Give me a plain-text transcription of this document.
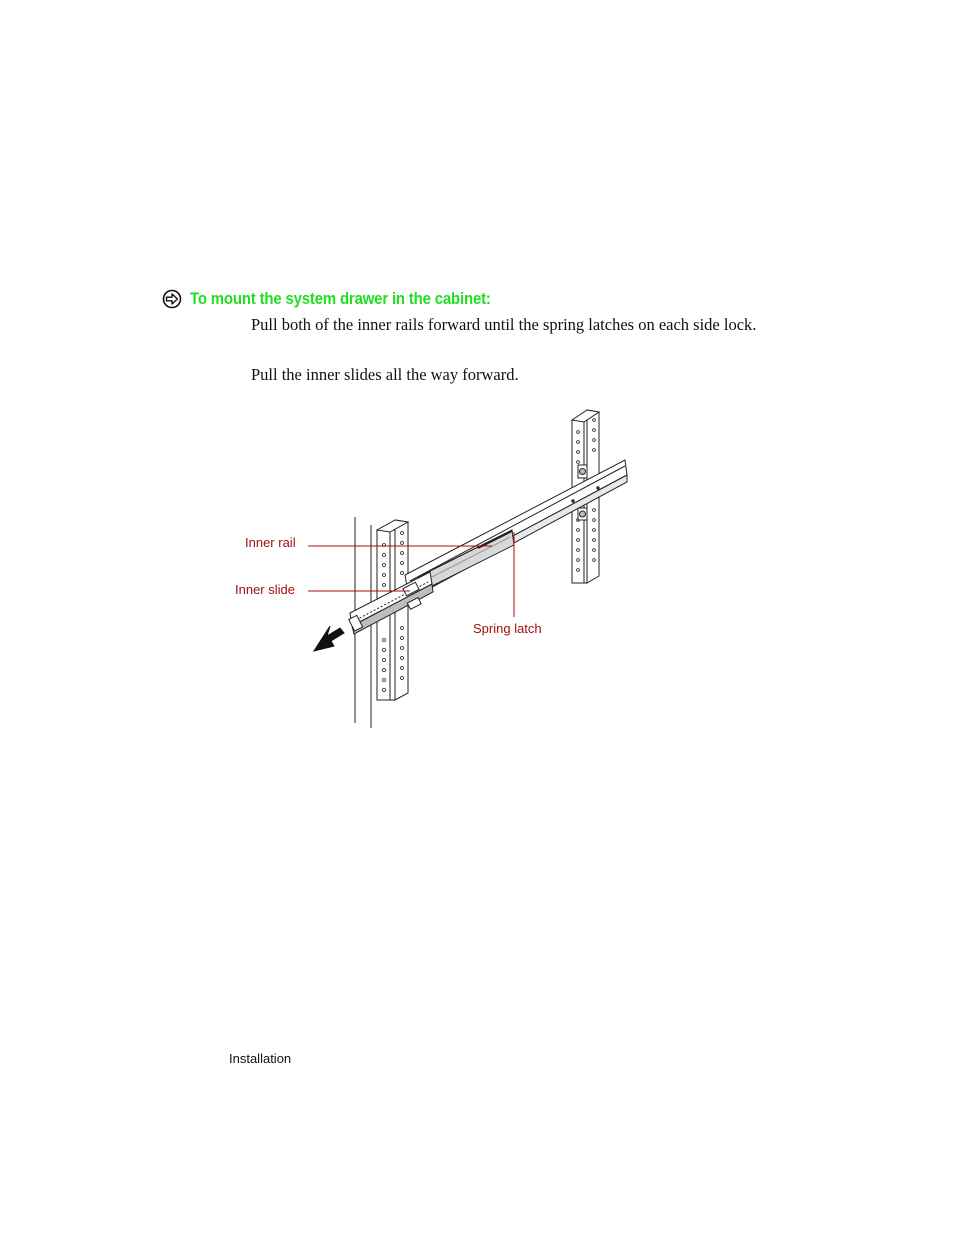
To mount the system drawer in the cabinet:
Pull both of the inner rails forward until the spring latches on each side lock.
Pull the inner slides all the way forward.
Inner rail
Inner slide
Spring latch
Installation
